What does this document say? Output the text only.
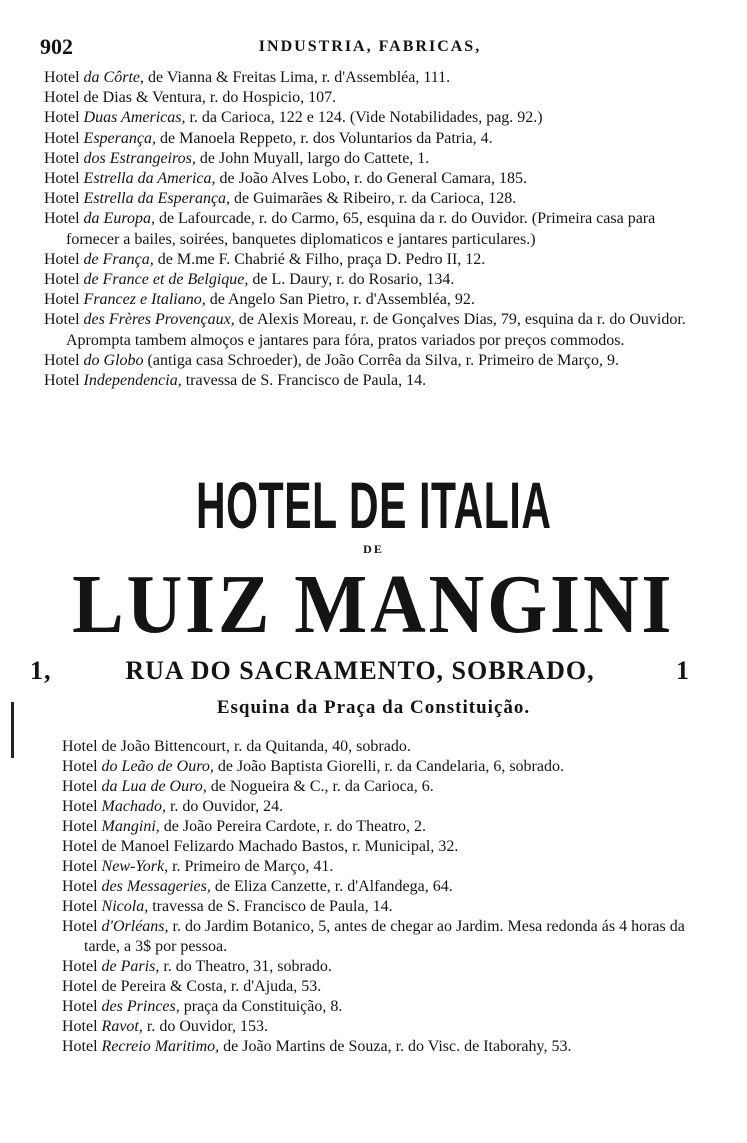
902	INDUSTRIA, FABRICAS,
Hotel da Côrte, de Vianna & Freitas Lima, r. d'Assembléa, 111.
Hotel de Dias & Ventura, r. do Hospicio, 107.
Hotel Duas Americas, r. da Carioca, 122 e 124. (Vide Notabilidades, pag. 92.)
Hotel Esperança, de Manoela Reppeto, r. dos Voluntarios da Patria, 4.
Hotel dos Estrangeiros, de John Muyall, largo do Cattete, 1.
Hotel Estrella da America, de João Alves Lobo, r. do General Camara, 185.
Hotel Estrella da Esperança, de Guimarães & Ribeiro, r. da Carioca, 128.
Hotel da Europa, de Lafourcade, r. do Carmo, 65, esquina da r. do Ouvidor. (Primeira casa para fornecer a bailes, soirées, banquetes diplomaticos e jantares particulares.)
Hotel de França, de M.me F. Chabrié & Filho, praça D. Pedro II, 12.
Hotel de France et de Belgique, de L. Daury, r. do Rosario, 134.
Hotel Francez e Italiano, de Angelo San Pietro, r. d'Assembléa, 92.
Hotel des Frères Provençaux, de Alexis Moreau, r. de Gonçalves Dias, 79, esquina da r. do Ouvidor. Aprompta tambem almoços e jantares para fóra, pratos variados por preços commodos.
Hotel do Globo (antiga casa Schroeder), de João Corrêa da Silva, r. Primeiro de Março, 9.
Hotel Independencia, travessa de S. Francisco de Paula, 14.
HOTEL DE ITALIA
DE
LUIZ MANGINI
1,	RUA DO SACRAMENTO, SOBRADO,	1
Esquina da Praça da Constituição.
Hotel de João Bittencourt, r. da Quitanda, 40, sobrado.
Hotel do Leão de Ouro, de João Baptista Giorelli, r. da Candelaria, 6, sobrado.
Hotel da Lua de Ouro, de Nogueira & C., r. da Carioca, 6.
Hotel Machado, r. do Ouvidor, 24.
Hotel Mangini, de João Pereira Cardote, r. do Theatro, 2.
Hotel de Manoel Felizardo Machado Bastos, r. Municipal, 32.
Hotel New-York, r. Primeiro de Março, 41.
Hotel des Messageries, de Eliza Canzette, r. d'Alfandega, 64.
Hotel Nicola, travessa de S. Francisco de Paula, 14.
Hotel d'Orléans, r. do Jardim Botanico, 5, antes de chegar ao Jardim. Mesa redonda ás 4 horas da tarde, a 3$ por pessoa.
Hotel de Paris, r. do Theatro, 31, sobrado.
Hotel de Pereira & Costa, r. d'Ajuda, 53.
Hotel des Princes, praça da Constituição, 8.
Hotel Ravot, r. do Ouvidor, 153.
Hotel Recreio Maritimo, de João Martins de Souza, r. do Visc. de Itaborahy, 53.
